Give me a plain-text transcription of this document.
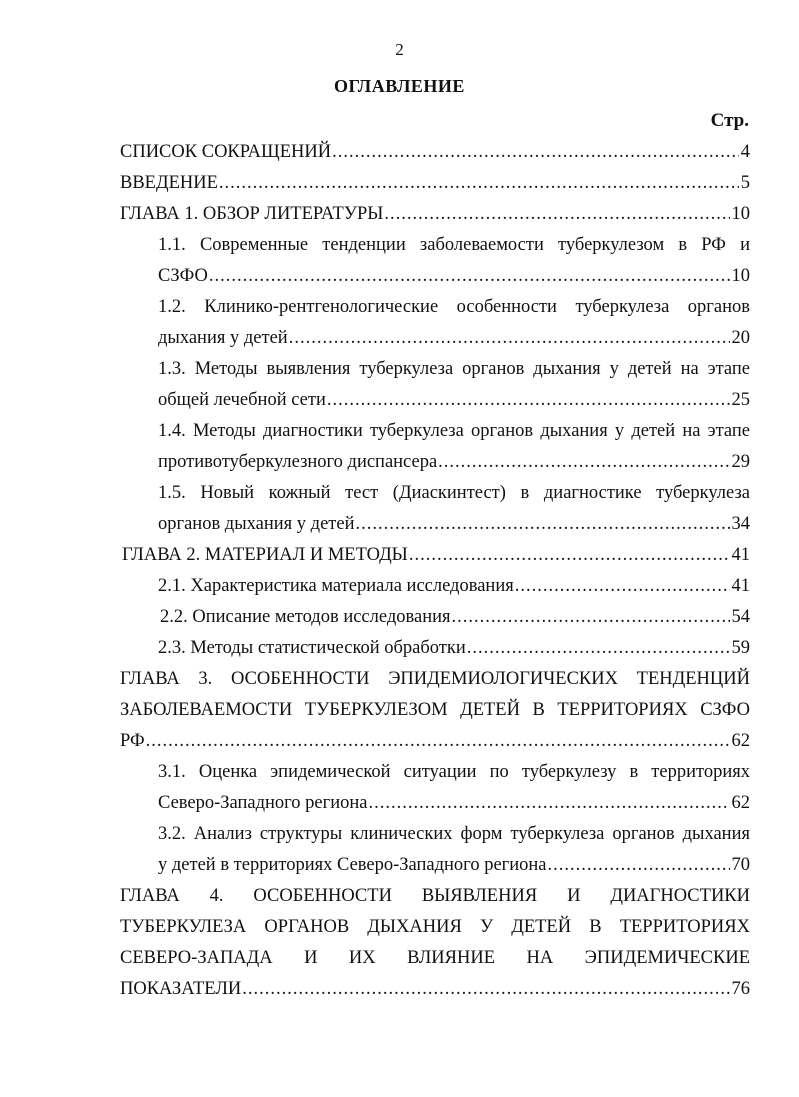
2
ОГЛАВЛЕНИЕ
Стр.
СПИСОК СОКРАЩЕНИЙ .....	4
ВВЕДЕНИЕ .....	5
ГЛАВА 1. ОБЗОР ЛИТЕРАТУРЫ .....	10
1.1. Современные тенденции заболеваемости туберкулезом в РФ и
СЗФО .....	10
1.2. Клинико-рентгенологические особенности туберкулеза органов
дыхания у детей .....	20
1.3. Методы выявления туберкулеза органов дыхания у детей на этапе
общей лечебной сети .....	25
1.4. Методы диагностики туберкулеза органов дыхания у детей на этапе
противотуберкулезного диспансера .....	29
1.5. Новый кожный тест (Диаскинтест) в диагностике туберкулеза
органов дыхания у детей .....	34
ГЛАВА 2. МАТЕРИАЛ И МЕТОДЫ .....	41
2.1. Характеристика материала исследования .....	41
2.2. Описание методов исследования .....	54
2.3. Методы статистической обработки .....	59
ГЛАВА 3. ОСОБЕННОСТИ ЭПИДЕМИОЛОГИЧЕСКИХ ТЕНДЕНЦИЙ
ЗАБОЛЕВАЕМОСТИ ТУБЕРКУЛЕЗОМ ДЕТЕЙ В ТЕРРИТОРИЯХ СЗФО
РФ .....	62
3.1. Оценка эпидемической ситуации по туберкулезу в территориях
Северо-Западного региона .....	62
3.2. Анализ структуры клинических форм туберкулеза органов дыхания
у детей в территориях Северо-Западного региона .....	70
ГЛАВА 4. ОСОБЕННОСТИ ВЫЯВЛЕНИЯ И ДИАГНОСТИКИ
ТУБЕРКУЛЕЗА ОРГАНОВ ДЫХАНИЯ У ДЕТЕЙ В ТЕРРИТОРИЯХ
СЕВЕРО-ЗАПАДА И ИХ ВЛИЯНИЕ НА ЭПИДЕМИЧЕСКИЕ
ПОКАЗАТЕЛИ .....	76
